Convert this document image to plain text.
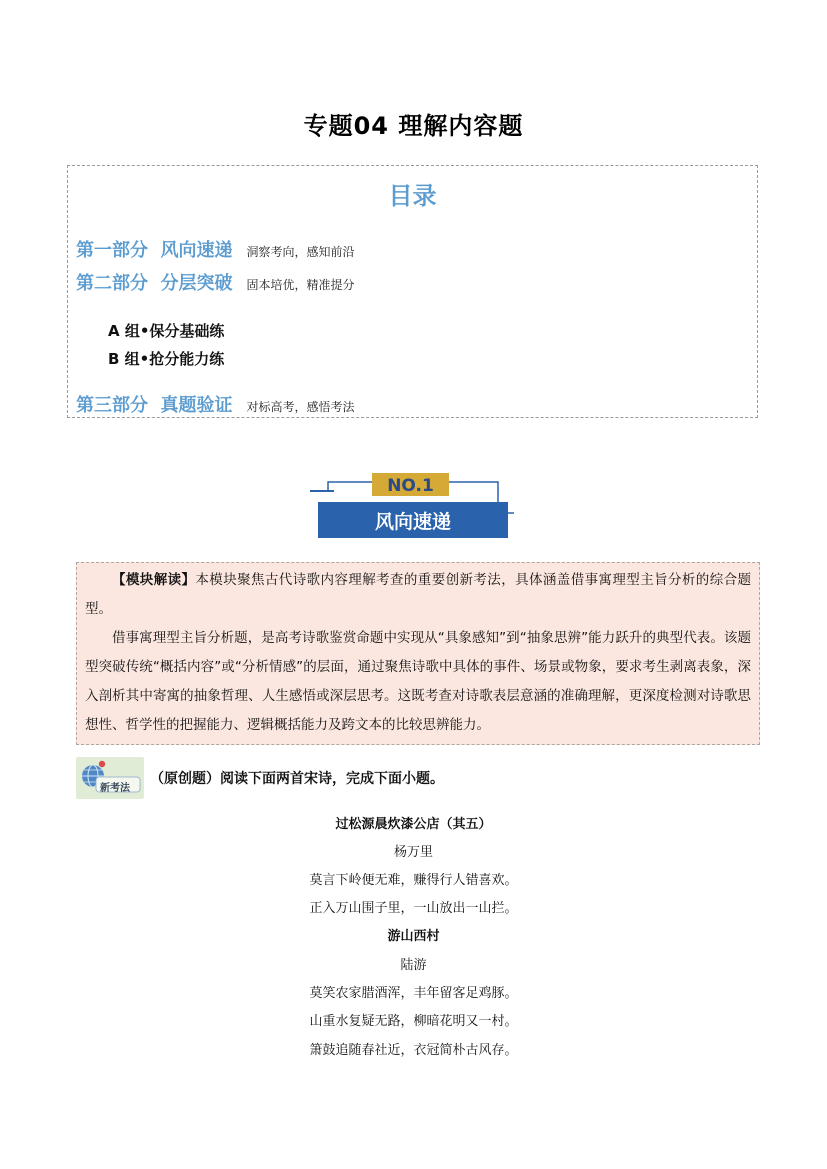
专题04 理解内容题
目录
第一部分  风向速递 洞察考向，感知前沿
第二部分  分层突破 固本培优，精准提分
A 组•保分基础练
B 组•抢分能力练
第三部分  真题验证 对标高考，感悟考法
NO.1
风向速递

【模块解读】本模块聚焦古代诗歌内容理解考查的重要创新考法，具体涵盖借事寓理型主旨分析的综合题型。

借事寓理型主旨分析题，是高考诗歌鉴赏命题中实现从“具象感知”到“抽象思辨”能力跃升的典型代表。该题型突破传统“概括内容”或“分析情感”的层面，通过聚焦诗歌中具体的事件、场景或物象，要求考生剥离表象，深入剖析其中寄寓的抽象哲理、人生感悟或深层思考。这既考查对诗歌表层意涵的准确理解，更深度检测对诗歌思想性、哲学性的把握能力、逻辑概括能力及跨文本的比较思辨能力。

新考法
（原创题）阅读下面两首宋诗，完成下面小题。
过松源晨炊漆公店（其五）
杨万里
莫言下岭便无难，赚得行人错喜欢。
正入万山围子里，一山放出一山拦。
游山西村
陆游
莫笑农家腊酒浑，丰年留客足鸡豚。
山重水复疑无路，柳暗花明又一村。
箫鼓追随春社近，衣冠简朴古风存。
